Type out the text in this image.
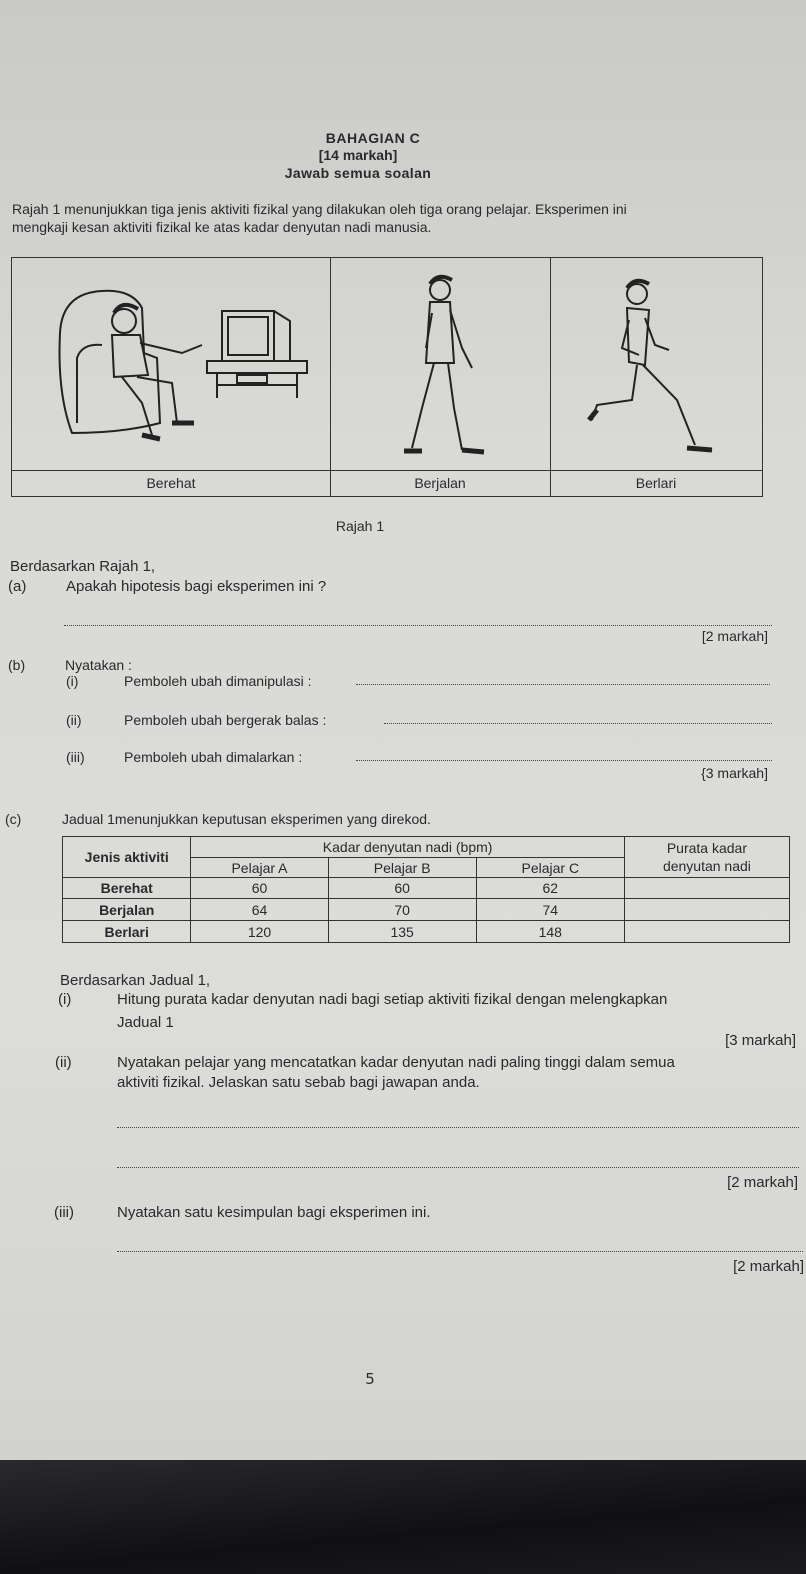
BAHAGIAN C
[14 markah]
Jawab semua soalan
Rajah 1 menunjukkan tiga jenis aktiviti fizikal yang dilakukan oleh tiga orang pelajar. Eksperimen ini
mengkaji kesan aktiviti fizikal ke atas kadar denyutan nadi manusia.
Berehat	Berjalan	Berlari
Rajah 1
Berdasarkan Rajah 1,
(a)	Apakah hipotesis bagi eksperimen ini ?
[2 markah]
(b)	Nyatakan :
(i)	Pemboleh ubah dimanipulasi :
(ii)	Pemboleh ubah bergerak balas :
(iii)	Pemboleh ubah dimalarkan :
{3 markah]
(c)	Jadual 1menunjukkan keputusan eksperimen yang direkod.
Jenis aktiviti	Kadar denyutan nadi (bpm)			Purata kadar
denyutan nadi

	Pelajar A	Pelajar B	Pelajar C	
Berehat	60	60	62	
Berjalan	64	70	74	
Berlari	120	135	148	
Berdasarkan Jadual 1,
(i)	Hitung purata kadar denyutan nadi bagi setiap aktiviti fizikal dengan melengkapkan
Jadual 1
[3 markah]
(ii)	Nyatakan pelajar yang mencatatkan kadar denyutan nadi paling tinggi dalam semua
aktiviti fizikal. Jelaskan satu sebab bagi jawapan anda.
[2 markah]
(iii)	Nyatakan satu kesimpulan bagi eksperimen ini.
[2 markah]
5
